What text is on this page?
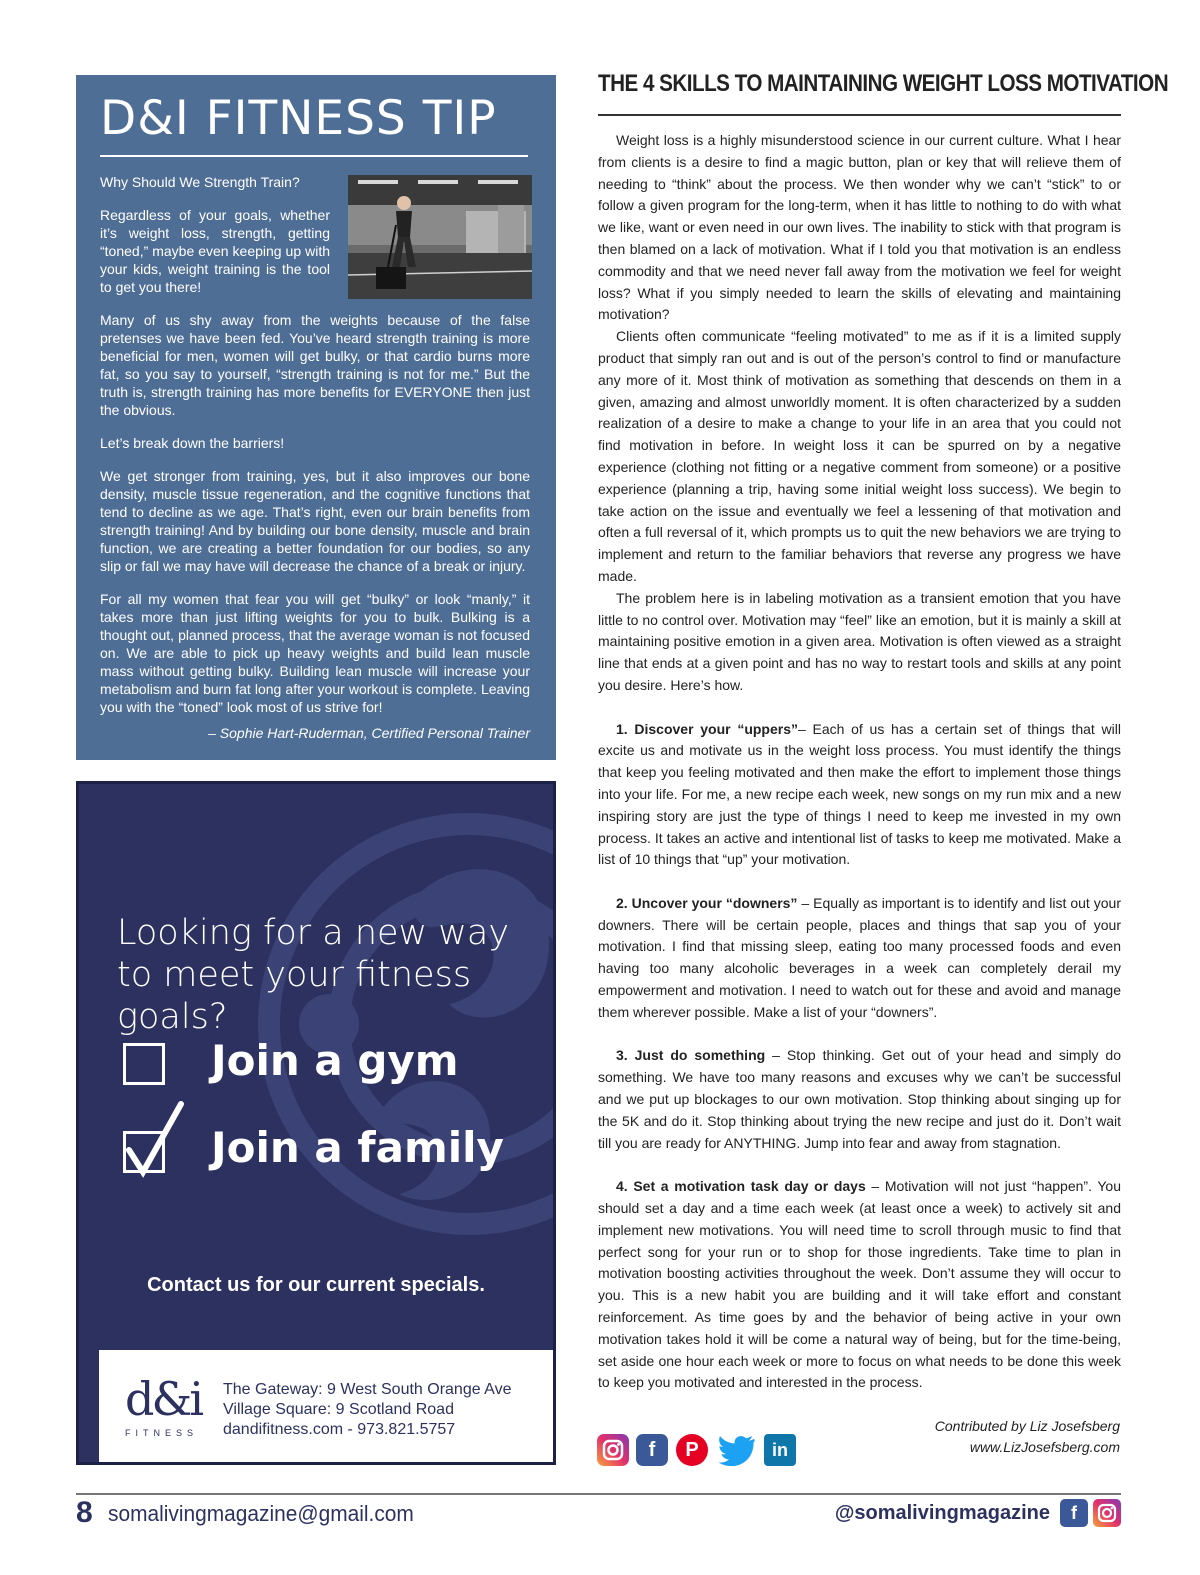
D&I FITNESS TIP

Why Should We Strength Train?

Regardless of your goals, whether it’s weight loss, strength, getting “toned,” maybe even keeping up with your kids, weight training is the tool to get you there!

Many of us shy away from the weights because of the false pretenses we have been fed. You’ve heard strength training is more beneficial for men, women will get bulky, or that cardio burns more fat, so you say to yourself, “strength training is not for me.” But the truth is, strength training has more benefits for EVERYONE then just the obvious.

Let’s break down the barriers!

We get stronger from training, yes, but it also improves our bone density, muscle tissue regeneration, and the cognitive functions that tend to decline as we age. That’s right, even our brain benefits from strength training! And by building our bone density, muscle and brain function, we are creating a better foundation for our bodies, so any slip or fall we may have will decrease the chance of a break or injury.

For all my women that fear you will get “bulky” or look “manly,” it takes more than just lifting weights for you to bulk. Bulking is a thought out, planned process, that the average woman is not focused on. We are able to pick up heavy weights and build lean muscle mass without getting bulky. Building lean muscle will increase your metabolism and burn fat long after your workout is complete. Leaving you with the “toned” look most of us strive for!

– Sophie Hart-Ruderman, Certified Personal Trainer

Looking for a new way
to meet your fitness goals?

Join a gym
Join a family
Contact us for our current specials.
d&i
FITNESS
The Gateway: 9 West South Orange Ave
Village Square: 9 Scotland Road
dandifitness.com - 973.821.5757
THE 4 SKILLS TO MAINTAINING WEIGHT LOSS MOTIVATION

Weight loss is a highly misunderstood science in our current culture. What I hear from clients is a desire to find a magic button, plan or key that will relieve them of needing to “think” about the process. We then wonder why we can’t “stick” to or follow a given program for the long-term, when it has little to nothing to do with what we like, want or even need in our own lives. The inability to stick with that program is then blamed on a lack of motivation. What if I told you that motivation is an endless commodity and that we need never fall away from the motivation we feel for weight loss? What if you simply needed to learn the skills of elevating and maintaining motivation?

Clients often communicate “feeling motivated” to me as if it is a limited supply product that simply ran out and is out of the person’s control to find or manufacture any more of it. Most think of motivation as something that descends on them in a given, amazing and almost unworldly moment. It is often characterized by a sudden realization of a desire to make a change to your life in an area that you could not find motivation in before. In weight loss it can be spurred on by a negative experience (clothing not fitting or a negative comment from someone) or a positive experience (planning a trip, having some initial weight loss success). We begin to take action on the issue and eventually we feel a lessening of that motivation and often a full reversal of it, which prompts us to quit the new behaviors we are trying to implement and return to the familiar behaviors that reverse any progress we have made.

The problem here is in labeling motivation as a transient emotion that you have little to no control over. Motivation may “feel” like an emotion, but it is mainly a skill at maintaining positive emotion in a given area. Motivation is often viewed as a straight line that ends at a given point and has no way to restart tools and skills at any point you desire. Here’s how.

1. Discover your “uppers”– Each of us has a certain set of things that will excite us and motivate us in the weight loss process. You must identify the things that keep you feeling motivated and then make the effort to implement those things into your life. For me, a new recipe each week, new songs on my run mix and a new inspiring story are just the type of things I need to keep me invested in my own process. It takes an active and intentional list of tasks to keep me motivated. Make a list of 10 things that “up” your motivation.

2. Uncover your “downers” – Equally as important is to identify and list out your downers. There will be certain people, places and things that sap you of your motivation. I find that missing sleep, eating too many processed foods and even having too many alcoholic beverages in a week can completely derail my empowerment and motivation. I need to watch out for these and avoid and manage them wherever possible. Make a list of your “downers”.

3. Just do something – Stop thinking. Get out of your head and simply do something. We have too many reasons and excuses why we can’t be successful and we put up blockages to our own motivation. Stop thinking about singing up for the 5K and do it. Stop thinking about trying the new recipe and just do it. Don’t wait till you are ready for ANYTHING. Jump into fear and away from stagnation.

4. Set a motivation task day or days – Motivation will not just “happen”. You should set a day and a time each week (at least once a week) to actively sit and implement new motivations. You will need time to scroll through music to find that perfect song for your run or to shop for those ingredients. Take time to plan in motivation boosting activities throughout the week. Don’t assume they will occur to you. This is a new habit you are building and it will take effort and constant reinforcement. As time goes by and the behavior of being active in your own motivation takes hold it will be come a natural way of being, but for the time-being, set aside one hour each week or more to focus on what needs to be done this week to keep you motivated and interested in the process.

Contributed by Liz Josefsberg
www.LizJosefsberg.com
f	P	in
8 somalivingmagazine@gmail.com	@somalivingmagazine	f
